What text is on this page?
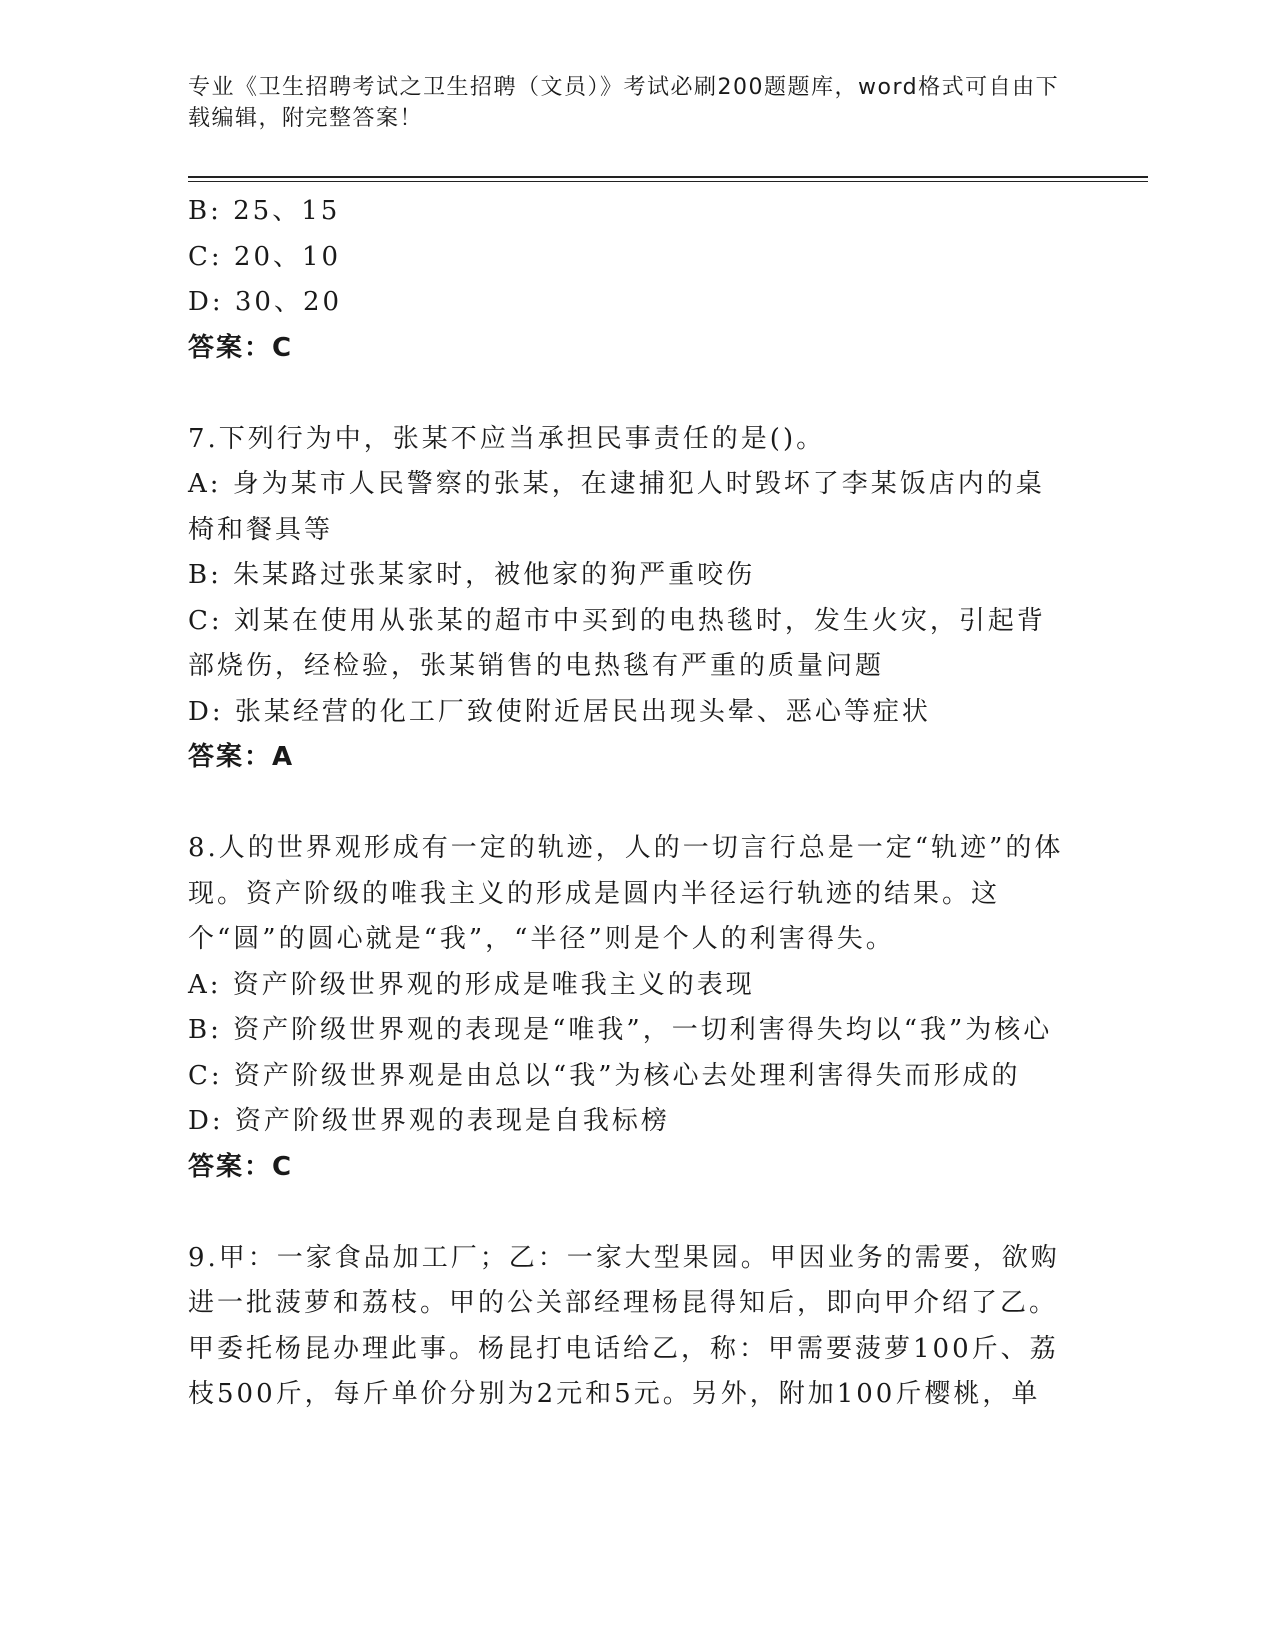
专业《卫生招聘考试之卫生招聘（文员）》考试必刷200题题库，word格式可自由下载编辑，附完整答案！

B: 25、15

C: 20、10

D: 30、20

答案：C

7.下列行为中，张某不应当承担民事责任的是()。

A: 身为某市人民警察的张某，在逮捕犯人时毁坏了李某饭店内的桌椅和餐具等

B: 朱某路过张某家时，被他家的狗严重咬伤

C: 刘某在使用从张某的超市中买到的电热毯时，发生火灾，引起背部烧伤，经检验，张某销售的电热毯有严重的质量问题

D: 张某经营的化工厂致使附近居民出现头晕、恶心等症状

答案：A

8.人的世界观形成有一定的轨迹，人的一切言行总是一定“轨迹”的体现。资产阶级的唯我主义的形成是圆内半径运行轨迹的结果。这个“圆”的圆心就是“我”，“半径”则是个人的利害得失。

A: 资产阶级世界观的形成是唯我主义的表现

B: 资产阶级世界观的表现是“唯我”，一切利害得失均以“我”为核心

C: 资产阶级世界观是由总以“我”为核心去处理利害得失而形成的

D: 资产阶级世界观的表现是自我标榜

答案：C

9.甲：一家食品加工厂；乙：一家大型果园。甲因业务的需要，欲购进一批菠萝和荔枝。甲的公关部经理杨昆得知后，即向甲介绍了乙。甲委托杨昆办理此事。杨昆打电话给乙，称：甲需要菠萝100斤、荔枝500斤，每斤单价分别为2元和5元。另外，附加100斤樱桃，单
